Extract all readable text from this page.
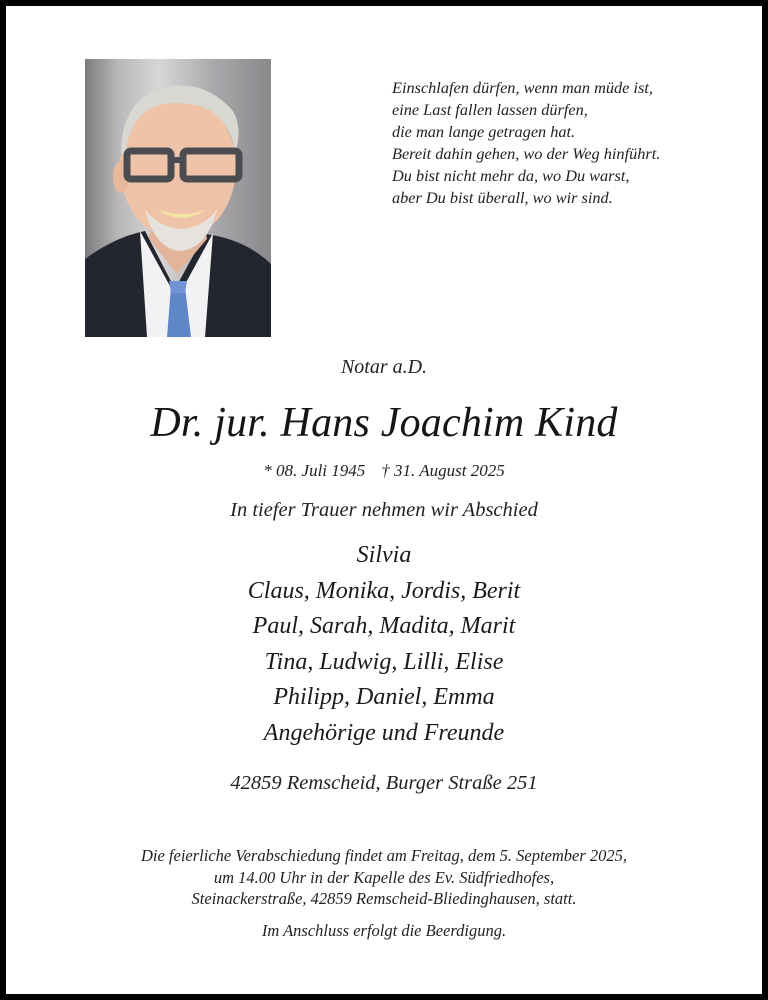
Einschlafen dürfen, wenn man müde ist,
eine Last fallen lassen dürfen,
die man lange getragen hat.
Bereit dahin gehen, wo der Weg hinführt.
Du bist nicht mehr da, wo Du warst,
aber Du bist überall, wo wir sind.
Notar a.D.
Dr. jur. Hans Joachim Kind
* 08. Juli 1945 † 31. August 2025
In tiefer Trauer nehmen wir Abschied
Silvia
Claus, Monika, Jordis, Berit
Paul, Sarah, Madita, Marit
Tina, Ludwig, Lilli, Elise
Philipp, Daniel, Emma
Angehörige und Freunde
42859 Remscheid, Burger Straße 251
Die feierliche Verabschiedung findet am Freitag, dem 5. September 2025,
um 14.00 Uhr in der Kapelle des Ev. Südfriedhofes,
Steinackerstraße, 42859 Remscheid-Bliedinghausen, statt.
Im Anschluss erfolgt die Beerdigung.
